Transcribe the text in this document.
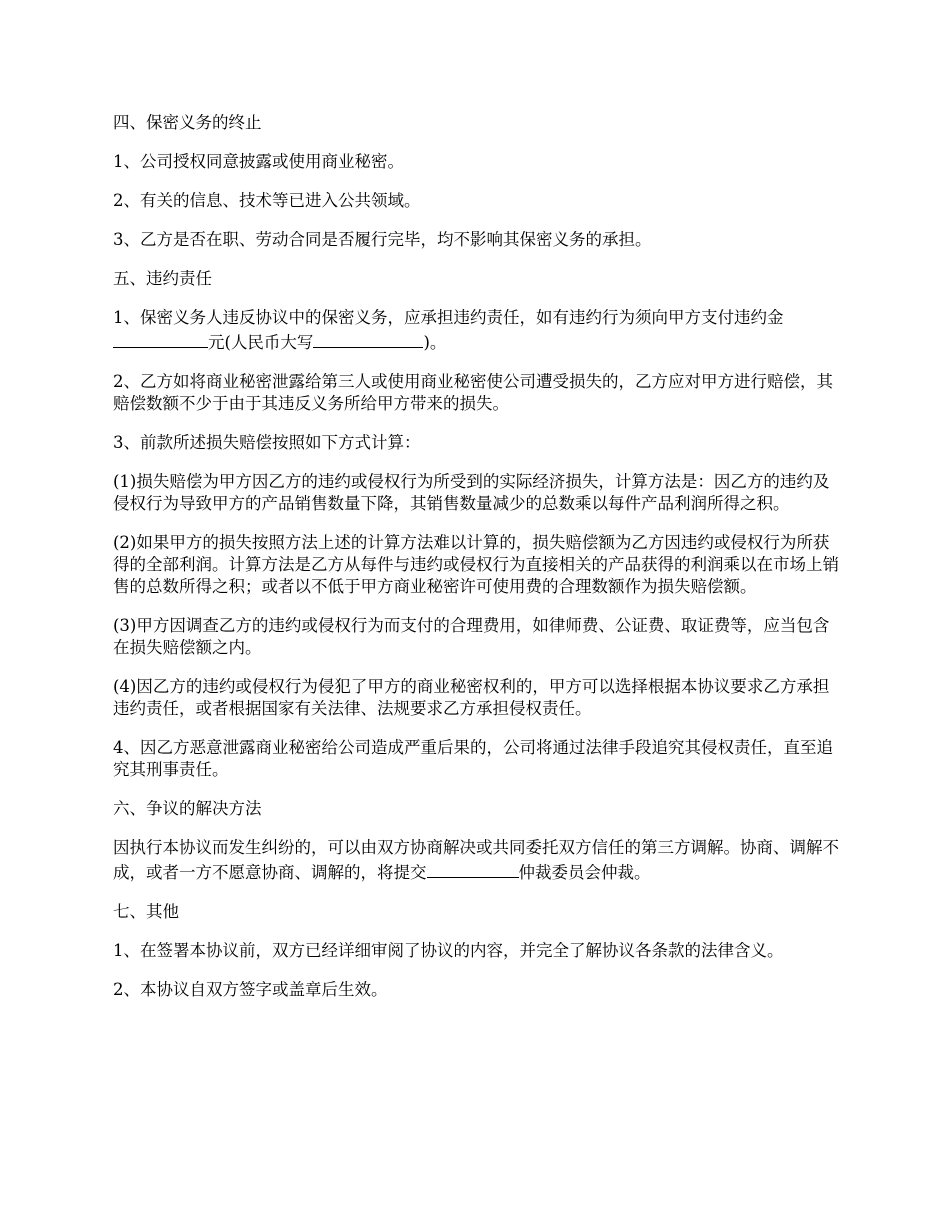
四、保密义务的终止

1、公司授权同意披露或使用商业秘密。

2、有关的信息、技术等已进入公共领域。

3、乙方是否在职、劳动合同是否履行完毕，均不影响其保密义务的承担。

五、违约责任

1、保密义务人违反协议中的保密义务，应承担违约责任，如有违约行为须向甲方支付违约金元(人民币大写	)。

2、乙方如将商业秘密泄露给第三人或使用商业秘密使公司遭受损失的，乙方应对甲方进行赔偿，其赔偿数额不少于由于其违反义务所给甲方带来的损失。

3、前款所述损失赔偿按照如下方式计算：

(1)损失赔偿为甲方因乙方的违约或侵权行为所受到的实际经济损失，计算方法是：因乙方的违约及侵权行为导致甲方的产品销售数量下降，其销售数量减少的总数乘以每件产品利润所得之积。

(2)如果甲方的损失按照方法上述的计算方法难以计算的，损失赔偿额为乙方因违约或侵权行为所获得的全部利润。计算方法是乙方从每件与违约或侵权行为直接相关的产品获得的利润乘以在市场上销售的总数所得之积；或者以不低于甲方商业秘密许可使用费的合理数额作为损失赔偿额。

(3)甲方因调查乙方的违约或侵权行为而支付的合理费用，如律师费、公证费、取证费等，应当包含在损失赔偿额之内。

(4)因乙方的违约或侵权行为侵犯了甲方的商业秘密权利的，甲方可以选择根据本协议要求乙方承担违约责任，或者根据国家有关法律、法规要求乙方承担侵权责任。

4、因乙方恶意泄露商业秘密给公司造成严重后果的，公司将通过法律手段追究其侵权责任，直至追究其刑事责任。

六、争议的解决方法

因执行本协议而发生纠纷的，可以由双方协商解决或共同委托双方信任的第三方调解。协商、调解不成，或者一方不愿意协商、调解的，将提交	仲裁委员会仲裁。

七、其他

1、在签署本协议前，双方已经详细审阅了协议的内容，并完全了解协议各条款的法律含义。

2、本协议自双方签字或盖章后生效。
